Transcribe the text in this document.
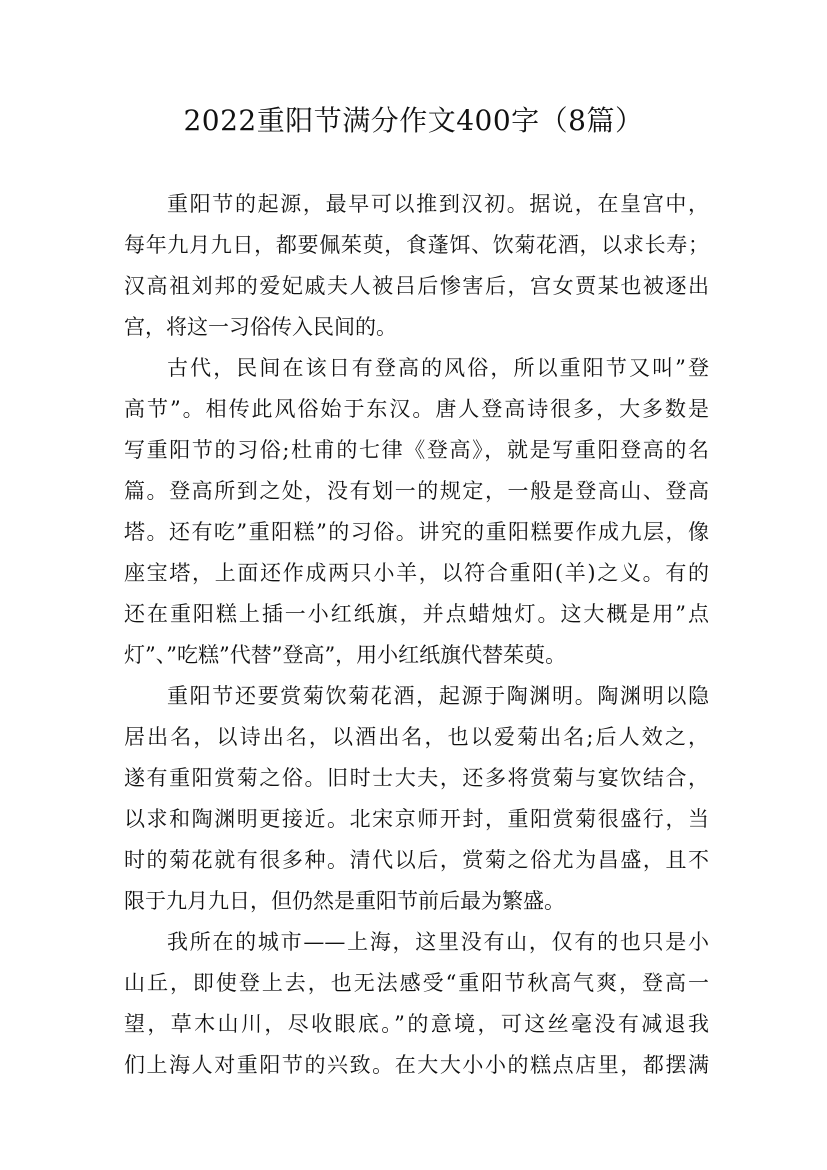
2022重阳节满分作文400字（8篇）
重阳节的起源，最早可以推到汉初。据说，在皇宫中，
每年九月九日，都要佩茱萸，食蓬饵、饮菊花酒，以求长寿；
汉高祖刘邦的爱妃戚夫人被吕后惨害后，宫女贾某也被逐出
宫，将这一习俗传入民间的。
古代，民间在该日有登高的风俗，所以重阳节又叫”登
高节”。相传此风俗始于东汉。唐人登高诗很多，大多数是
写重阳节的习俗;杜甫的七律《登高》，就是写重阳登高的名
篇。登高所到之处，没有划一的规定，一般是登高山、登高
塔。还有吃”重阳糕”的习俗。讲究的重阳糕要作成九层，像
座宝塔，上面还作成两只小羊，以符合重阳(羊)之义。有的
还在重阳糕上插一小红纸旗，并点蜡烛灯。这大概是用”点
灯”、”吃糕”代替”登高”，用小红纸旗代替茱萸。
重阳节还要赏菊饮菊花酒，起源于陶渊明。陶渊明以隐
居出名，以诗出名，以酒出名，也以爱菊出名;后人效之，
遂有重阳赏菊之俗。旧时士大夫，还多将赏菊与宴饮结合，
以求和陶渊明更接近。北宋京师开封，重阳赏菊很盛行，当
时的菊花就有很多种。清代以后，赏菊之俗尤为昌盛，且不
限于九月九日，但仍然是重阳节前后最为繁盛。
我所在的城市——上海，这里没有山，仅有的也只是小
山丘，即使登上去，也无法感受“重阳节秋高气爽，登高一
望，草木山川，尽收眼底。”的意境，可这丝毫没有减退我
们上海人对重阳节的兴致。在大大小小的糕点店里，都摆满
